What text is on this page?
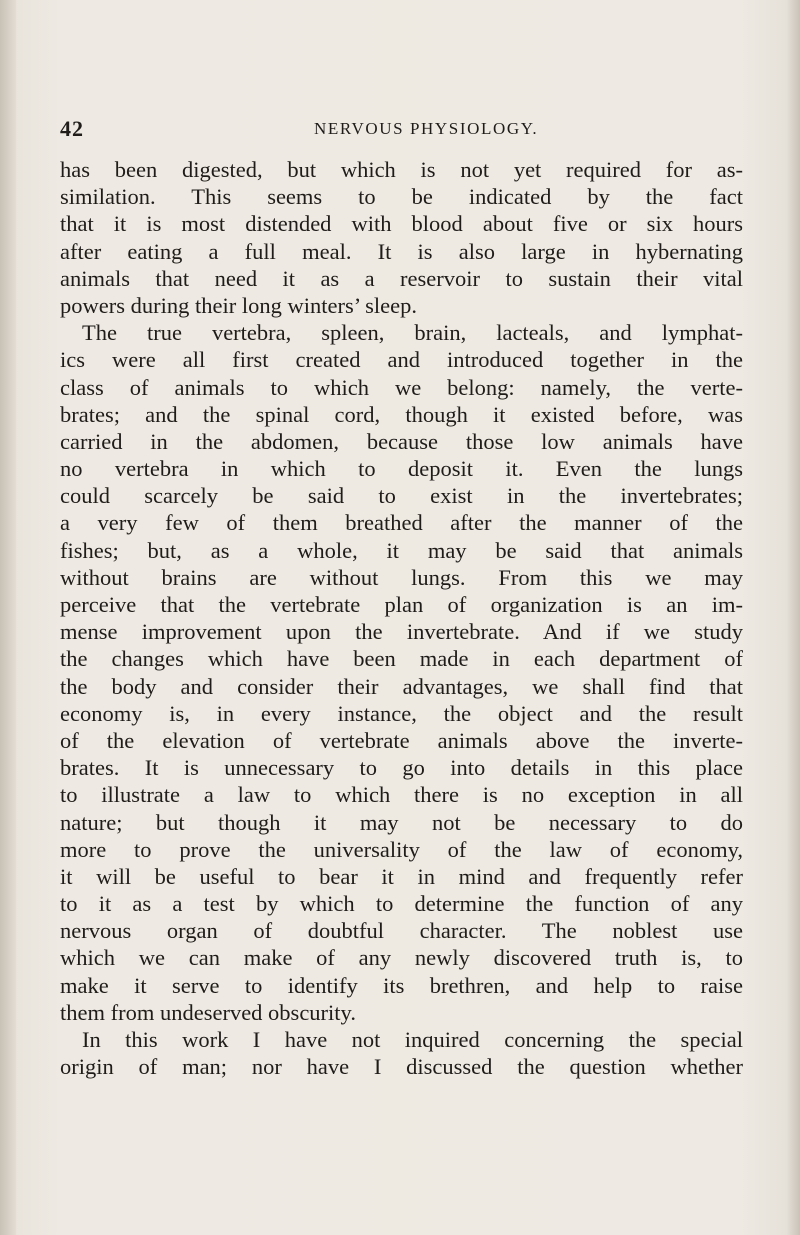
42	NERVOUS PHYSIOLOGY.
has been digested, but which is not yet required for as-
similation. This seems to be indicated by the fact
that it is most distended with blood about five or six hours
after eating a full meal. It is also large in hybernating
animals that need it as a reservoir to sustain their vital
powers during their long winters’ sleep.
The true vertebra, spleen, brain, lacteals, and lymphat-
ics were all first created and introduced together in the
class of animals to which we belong: namely, the verte-
brates; and the spinal cord, though it existed before, was
carried in the abdomen, because those low animals have
no vertebra in which to deposit it. Even the lungs
could scarcely be said to exist in the invertebrates;
a very few of them breathed after the manner of the
fishes; but, as a whole, it may be said that animals
without brains are without lungs. From this we may
perceive that the vertebrate plan of organization is an im-
mense improvement upon the invertebrate. And if we study
the changes which have been made in each department of
the body and consider their advantages, we shall find that
economy is, in every instance, the object and the result
of the elevation of vertebrate animals above the inverte-
brates. It is unnecessary to go into details in this place
to illustrate a law to which there is no exception in all
nature; but though it may not be necessary to do
more to prove the universality of the law of economy,
it will be useful to bear it in mind and frequently refer
to it as a test by which to determine the function of any
nervous organ of doubtful character. The noblest use
which we can make of any newly discovered truth is, to
make it serve to identify its brethren, and help to raise
them from undeserved obscurity.
In this work I have not inquired concerning the special
origin of man; nor have I discussed the question whether
